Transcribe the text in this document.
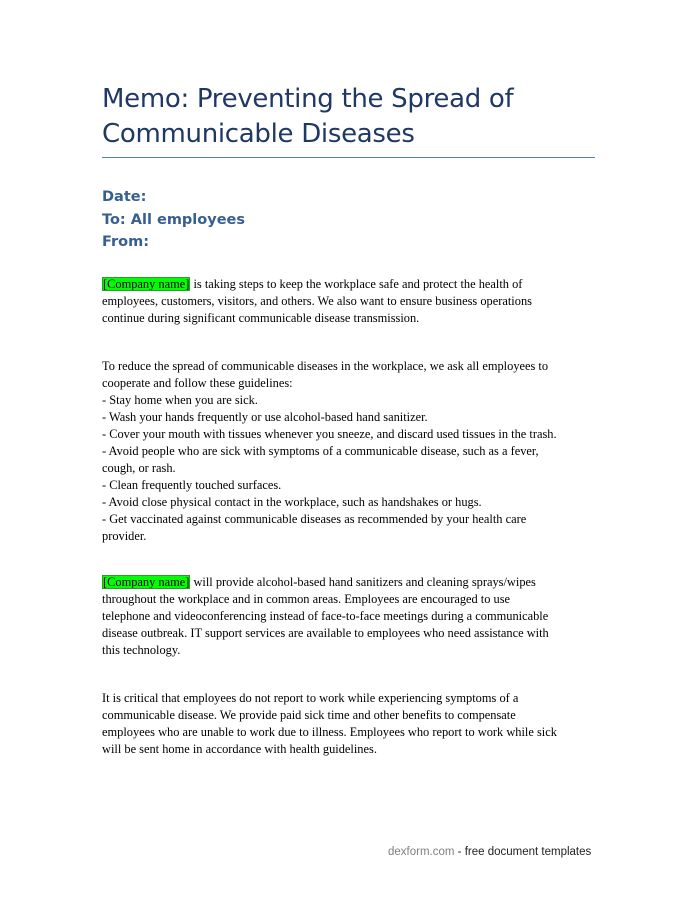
Memo: Preventing the Spread of
Communicable Diseases
Date:
To: All employees
From:
[Company name] is taking steps to keep the workplace safe and protect the health of
employees, customers, visitors, and others. We also want to ensure business operations
continue during significant communicable disease transmission.
To reduce the spread of communicable diseases in the workplace, we ask all employees to
cooperate and follow these guidelines:
- Stay home when you are sick.
- Wash your hands frequently or use alcohol-based hand sanitizer.
- Cover your mouth with tissues whenever you sneeze, and discard used tissues in the trash.
- Avoid people who are sick with symptoms of a communicable disease, such as a fever,
cough, or rash.
- Clean frequently touched surfaces.
- Avoid close physical contact in the workplace, such as handshakes or hugs.
- Get vaccinated against communicable diseases as recommended by your health care
provider.
[Company name] will provide alcohol-based hand sanitizers and cleaning sprays/wipes
throughout the workplace and in common areas. Employees are encouraged to use
telephone and videoconferencing instead of face-to-face meetings during a communicable
disease outbreak. IT support services are available to employees who need assistance with
this technology.
It is critical that employees do not report to work while experiencing symptoms of a
communicable disease. We provide paid sick time and other benefits to compensate
employees who are unable to work due to illness. Employees who report to work while sick
will be sent home in accordance with health guidelines.
dexform.com - free document templates
